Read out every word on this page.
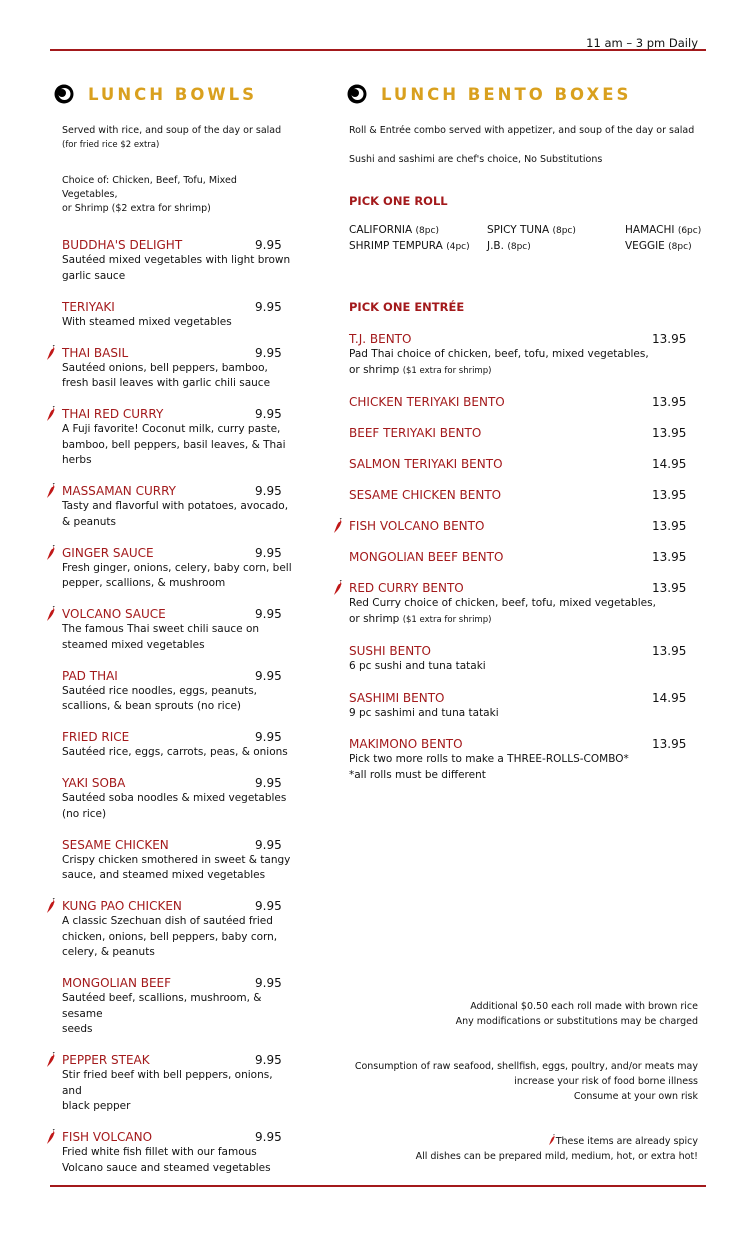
11 am – 3 pm Daily
LUNCH BOWLS

Served with rice, and soup of the day or salad

(for fried rice $2 extra)

Choice of: Chicken, Beef, Tofu, Mixed Vegetables,

or Shrimp ($2 extra for shrimp)

BUDDHA'S DELIGHT	9.95
Sautéed mixed vegetables with light brown
garlic sauce
TERIYAKI	9.95
With steamed mixed vegetables
THAI BASIL	9.95
Sautéed onions, bell peppers, bamboo,
fresh basil leaves with garlic chili sauce
THAI RED CURRY	9.95
A Fuji favorite! Coconut milk, curry paste,
bamboo, bell peppers, basil leaves, & Thai
herbs
MASSAMAN CURRY	9.95
Tasty and flavorful with potatoes, avocado,
& peanuts
GINGER SAUCE	9.95
Fresh ginger, onions, celery, baby corn, bell
pepper, scallions, & mushroom
VOLCANO SAUCE	9.95
The famous Thai sweet chili sauce on
steamed mixed vegetables
PAD THAI	9.95
Sautéed rice noodles, eggs, peanuts,
scallions, & bean sprouts (no rice)
FRIED RICE	9.95
Sautéed rice, eggs, carrots, peas, & onions
YAKI SOBA	9.95
Sautéed soba noodles & mixed vegetables
(no rice)
SESAME CHICKEN	9.95
Crispy chicken smothered in sweet & tangy
sauce, and steamed mixed vegetables
KUNG PAO CHICKEN	9.95
A classic Szechuan dish of sautéed fried
chicken, onions, bell peppers, baby corn,
celery, & peanuts
MONGOLIAN BEEF	9.95
Sautéed beef, scallions, mushroom, & sesame
seeds
PEPPER STEAK	9.95
Stir fried beef with bell peppers, onions, and
black pepper
FISH VOLCANO	9.95
Fried white fish fillet with our famous
Volcano sauce and steamed vegetables
LUNCH BENTO BOXES

Roll & Entrée combo served with appetizer, and soup of the day or salad

Sushi and sashimi are chef's choice, No Substitutions

PICK ONE ROLL
CALIFORNIA (8pc)	SPICY TUNA (8pc)	HAMACHI (6pc)
SHRIMP TEMPURA (4pc)	J.B. (8pc)	VEGGIE (8pc)
PICK ONE ENTRÉE
T.J. BENTO	13.95
Pad Thai choice of chicken, beef, tofu, mixed vegetables,
or shrimp ($1 extra for shrimp)
CHICKEN TERIYAKI BENTO	13.95
BEEF TERIYAKI BENTO	13.95
SALMON TERIYAKI BENTO	14.95
SESAME CHICKEN BENTO	13.95
FISH VOLCANO BENTO	13.95
MONGOLIAN BEEF BENTO	13.95
RED CURRY BENTO	13.95
Red Curry choice of chicken, beef, tofu, mixed vegetables,
or shrimp ($1 extra for shrimp)
SUSHI BENTO	13.95
6 pc sushi and tuna tataki
SASHIMI BENTO	14.95
9 pc sashimi and tuna tataki
MAKIMONO BENTO	13.95
Pick two more rolls to make a THREE-ROLLS-COMBO*
*all rolls must be different

Additional $0.50 each roll made with brown rice

Any modifications or substitutions may be charged

Consumption of raw seafood, shellfish, eggs, poultry, and/or meats may

increase your risk of food borne illness

Consume at your own risk

These items are already spicy

All dishes can be prepared mild, medium, hot, or extra hot!
